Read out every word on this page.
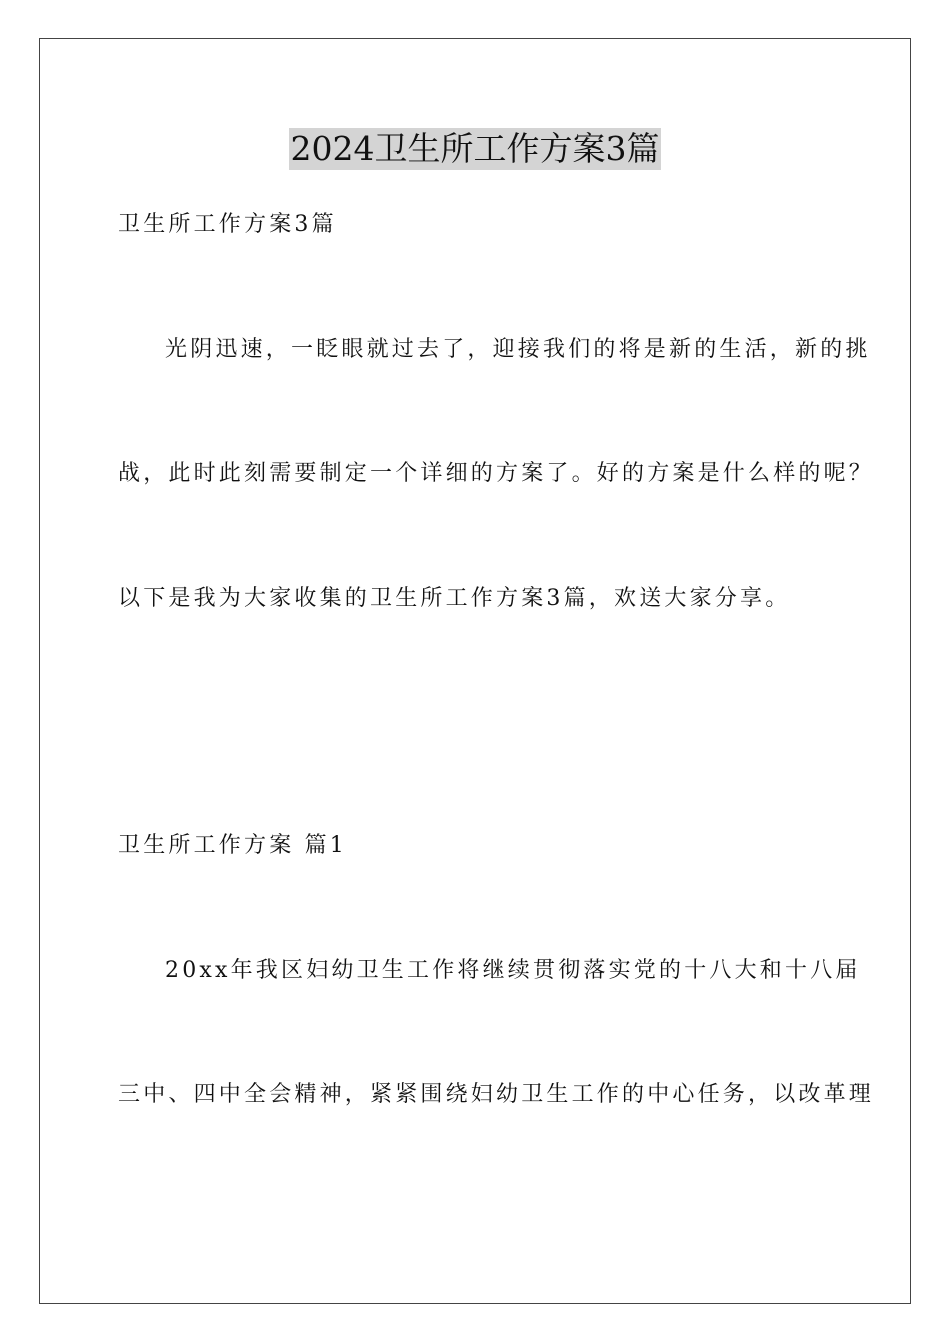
2024卫生所工作方案3篇
卫生所工作方案3篇
光阴迅速，一眨眼就过去了，迎接我们的将是新的生活，新的挑
战，此时此刻需要制定一个详细的方案了。好的方案是什么样的呢？
以下是我为大家收集的卫生所工作方案3篇，欢送大家分享。
卫生所工作方案 篇1
20xx年我区妇幼卫生工作将继续贯彻落实党的十八大和十八届
三中、四中全会精神，紧紧围绕妇幼卫生工作的中心任务，以改革理
